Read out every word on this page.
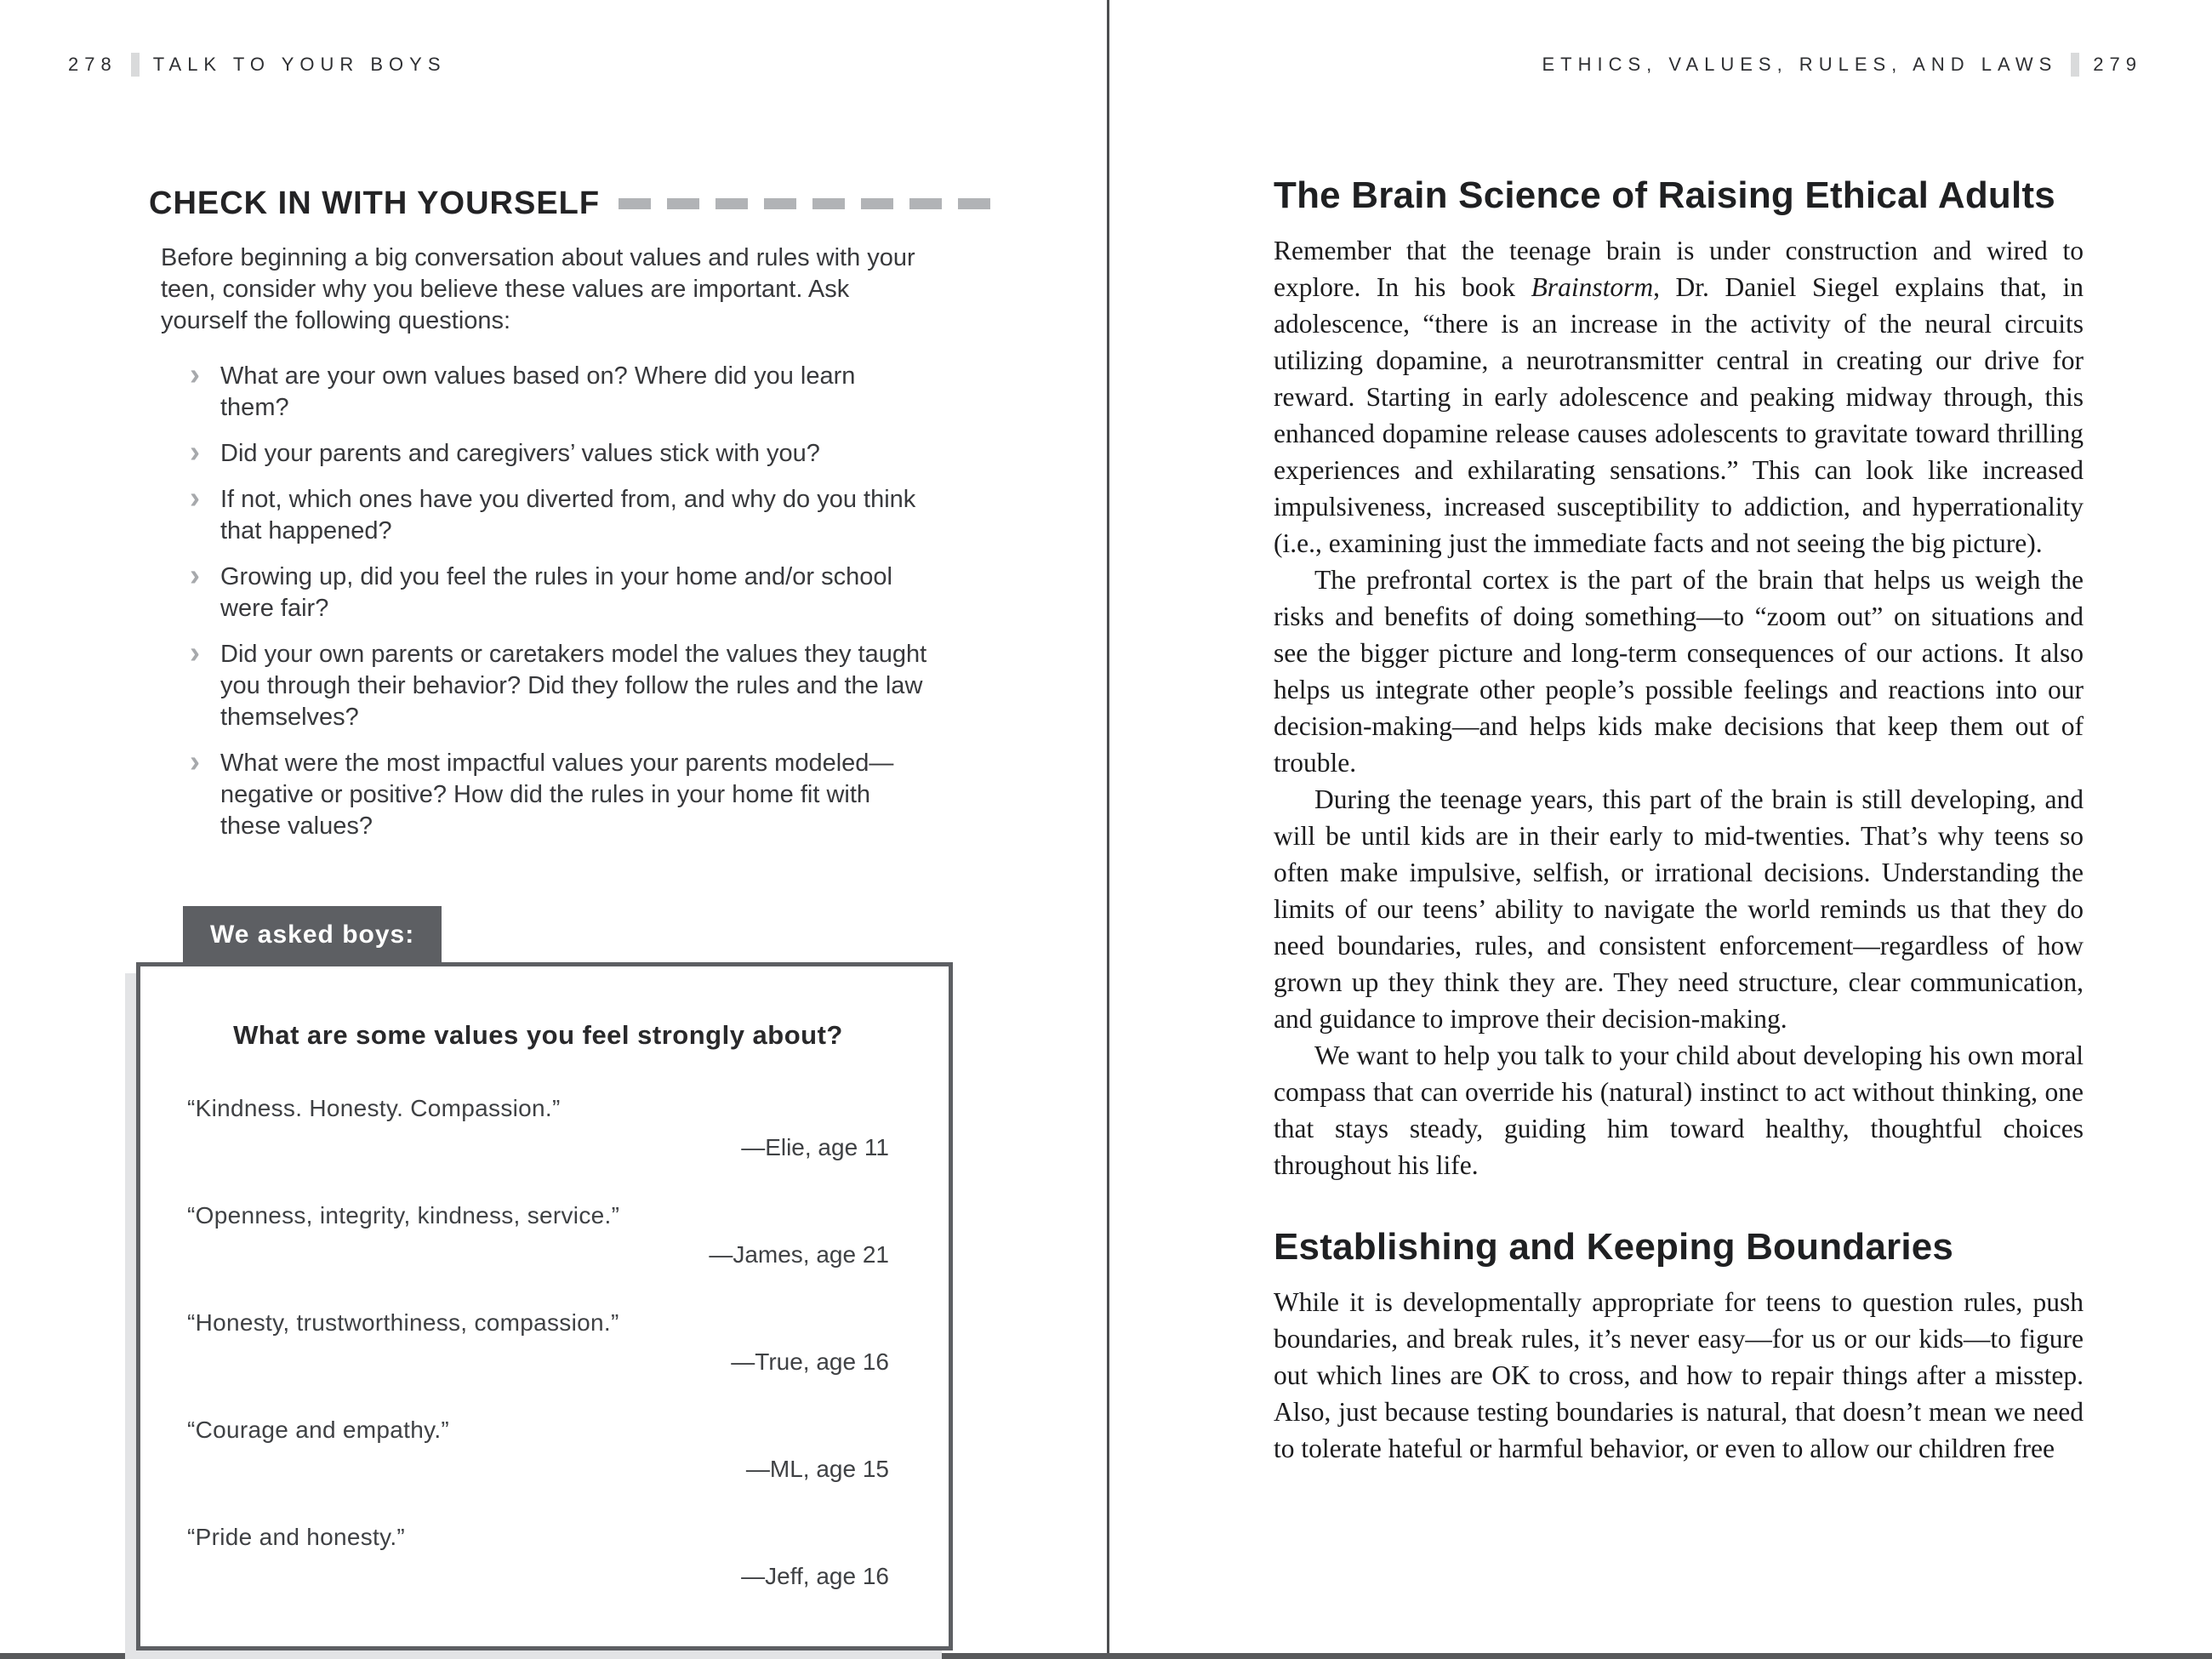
278 TALK TO YOUR BOYS	ETHICS, VALUES, RULES, AND LAWS 279
CHECK IN WITH YOURSELF

Before beginning a big conversation about values and rules with your teen, consider why you believe these values are important. Ask yourself the following questions:

› What are your own values based on? Where did you learn them?
› Did your parents and caregivers’ values stick with you?
› If not, which ones have you diverted from, and why do you think that happened?
› Growing up, did you feel the rules in your home and/or school were fair?
› Did your own parents or caretakers model the values they taught you through their behavior? Did they follow the rules and the law themselves?
› What were the most impactful values your parents modeled—negative or positive? How did the rules in your home fit with these values?
We asked boys:
What are some values you feel strongly about?

“Kindness. Honesty. Compassion.”

—Elie, age 11

“Openness, integrity, kindness, service.”

—James, age 21

“Honesty, trustworthiness, compassion.”

—True, age 16

“Courage and empathy.”

—ML, age 15

“Pride and honesty.”

—Jeff, age 16

The Brain Science of Raising Ethical Adults

Remember that the teenage brain is under construction and wired to explore. In his book Brainstorm, Dr. Daniel Siegel explains that, in adolescence, “there is an increase in the activity of the neural circuits utilizing dopamine, a neurotransmitter central in creating our drive for reward. Starting in early adolescence and peaking midway through, this enhanced dopamine release causes adolescents to gravitate toward thrilling experiences and exhilarating sensations.” This can look like increased impulsiveness, increased susceptibility to addiction, and hyperrationality (i.e., examining just the immediate facts and not seeing the big picture).

The prefrontal cortex is the part of the brain that helps us weigh the risks and benefits of doing something—to “zoom out” on situations and see the bigger picture and long-term consequences of our actions. It also helps us integrate other people’s possible feelings and reactions into our decision-making—and helps kids make decisions that keep them out of trouble.

During the teenage years, this part of the brain is still developing, and will be until kids are in their early to mid-twenties. That’s why teens so often make impulsive, selfish, or irrational decisions. Understanding the limits of our teens’ ability to navigate the world reminds us that they do need boundaries, rules, and consistent enforcement—regardless of how grown up they think they are. They need structure, clear communication, and guidance to improve their decision-making.

We want to help you talk to your child about developing his own moral compass that can override his (natural) instinct to act without thinking, one that stays steady, guiding him toward healthy, thoughtful choices throughout his life.

Establishing and Keeping Boundaries

While it is developmentally appropriate for teens to question rules, push boundaries, and break rules, it’s never easy—for us or our kids—to figure out which lines are OK to cross, and how to repair things after a misstep. Also, just because testing boundaries is natural, that doesn’t mean we need to tolerate hateful or harmful behavior, or even to allow our children free
